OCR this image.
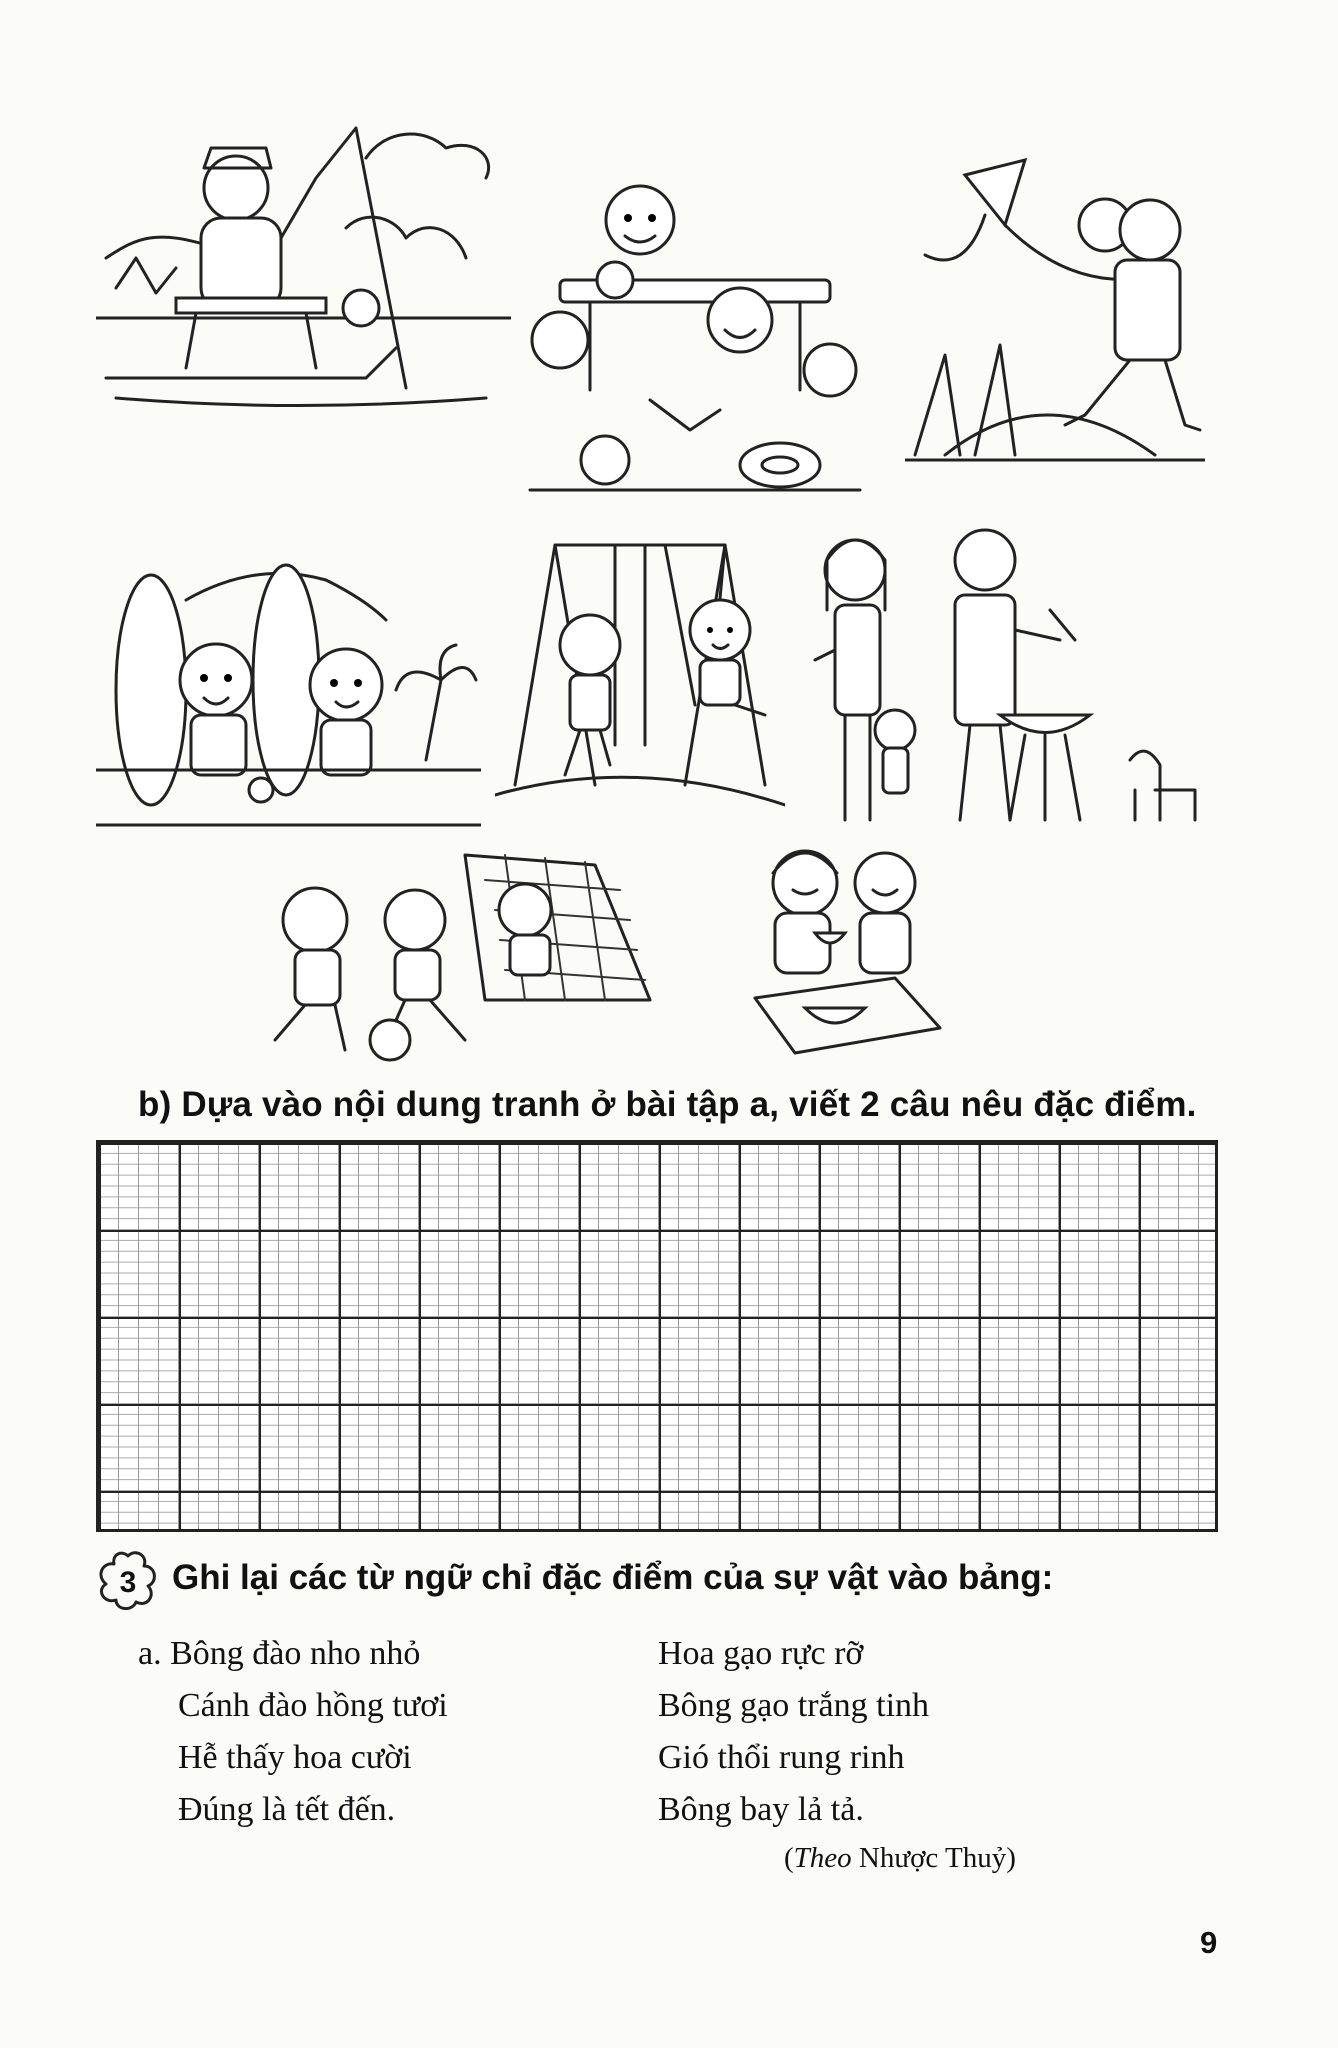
b) Dựa vào nội dung tranh ở bài tập a, viết 2 câu nêu đặc điểm.
3 Ghi lại các từ ngữ chỉ đặc điểm của sự vật vào bảng:
a. Bông đào nho nhỏ
Cánh đào hồng tươi
Hễ thấy hoa cười
Đúng là tết đến.
Hoa gạo rực rỡ
Bông gạo trắng tinh
Gió thổi rung rinh
Bông bay lả tả.
(Theo Nhược Thuỷ)
9
